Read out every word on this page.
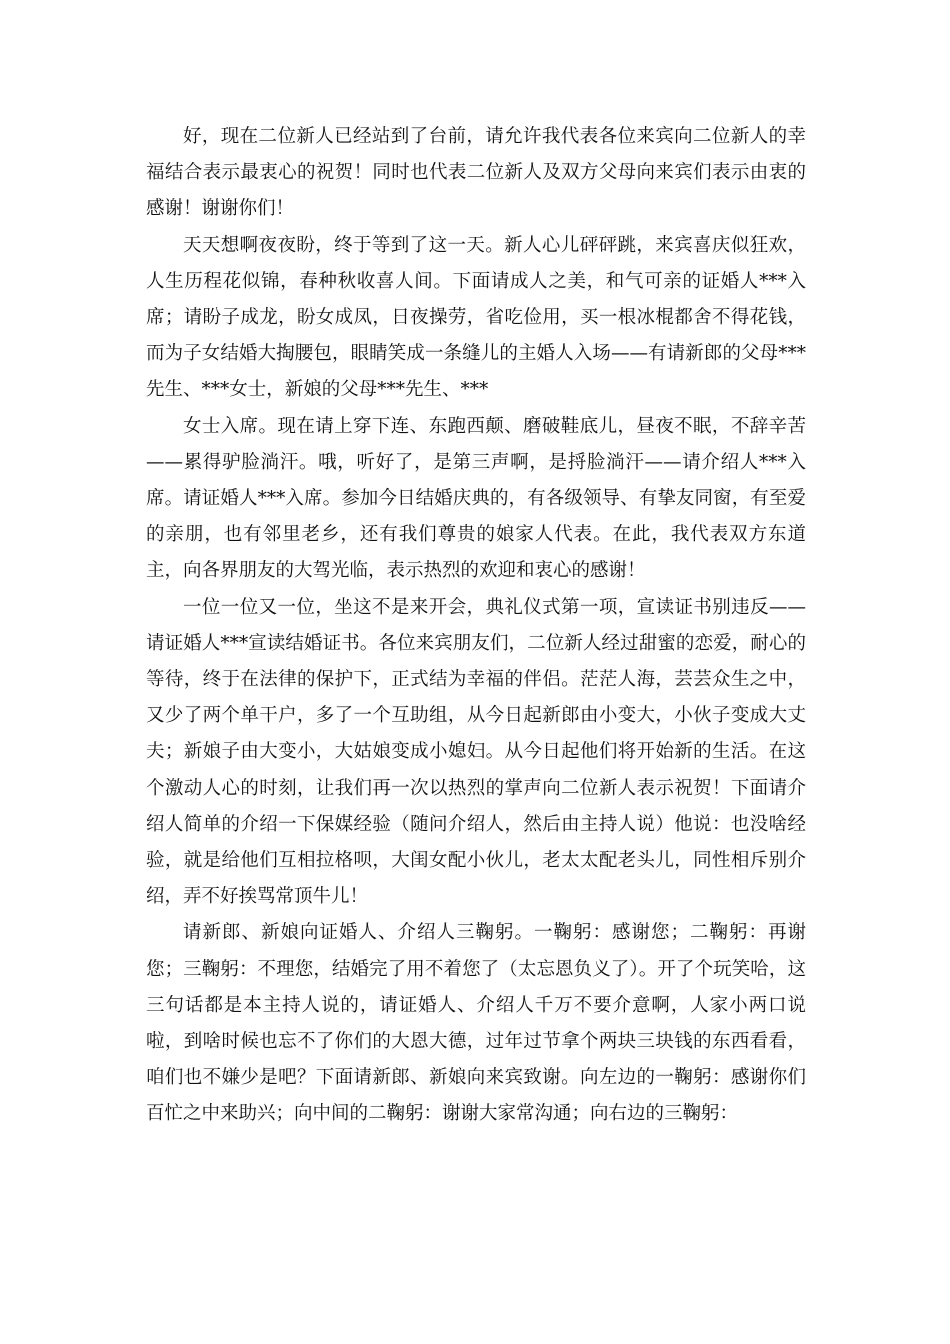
好，现在二位新人已经站到了台前，请允许我代表各位来宾向二位新人的幸福结合表示最衷心的祝贺！同时也代表二位新人及双方父母向来宾们表示由衷的感谢！谢谢你们！

天天想啊夜夜盼，终于等到了这一天。新人心儿砰砰跳，来宾喜庆似狂欢，人生历程花似锦，春种秋收喜人间。下面请成人之美，和气可亲的证婚人***入席；请盼子成龙，盼女成凤，日夜操劳，省吃俭用，买一根冰棍都舍不得花钱，而为子女结婚大掏腰包，眼睛笑成一条缝儿的主婚人入场——有请新郎的父母***先生、***女士，新娘的父母***先生、***

女士入席。现在请上穿下连、东跑西颠、磨破鞋底儿，昼夜不眠，不辞辛苦——累得驴脸淌汗。哦，听好了，是第三声啊，是捋脸淌汗——请介绍人***入席。请证婚人***入席。参加今日结婚庆典的，有各级领导、有挚友同窗，有至爱的亲朋，也有邻里老乡，还有我们尊贵的娘家人代表。在此，我代表双方东道主，向各界朋友的大驾光临，表示热烈的欢迎和衷心的感谢！

一位一位又一位，坐这不是来开会，典礼仪式第一项，宣读证书别违反——请证婚人***宣读结婚证书。各位来宾朋友们，二位新人经过甜蜜的恋爱，耐心的等待，终于在法律的保护下，正式结为幸福的伴侣。茫茫人海，芸芸众生之中，又少了两个单干户，多了一个互助组，从今日起新郎由小变大，小伙子变成大丈夫；新娘子由大变小，大姑娘变成小媳妇。从今日起他们将开始新的生活。在这个激动人心的时刻，让我们再一次以热烈的掌声向二位新人表示祝贺！下面请介绍人简单的介绍一下保媒经验（随问介绍人，然后由主持人说）他说：也没啥经验，就是给他们互相拉格呗，大闺女配小伙儿，老太太配老头儿，同性相斥别介绍，弄不好挨骂常顶牛儿！

请新郎、新娘向证婚人、介绍人三鞠躬。一鞠躬：感谢您；二鞠躬：再谢您；三鞠躬：不理您，结婚完了用不着您了（太忘恩负义了）。开了个玩笑哈，这三句话都是本主持人说的，请证婚人、介绍人千万不要介意啊，人家小两口说啦，到啥时候也忘不了你们的大恩大德，过年过节拿个两块三块钱的东西看看，咱们也不嫌少是吧？下面请新郎、新娘向来宾致谢。向左边的一鞠躬：感谢你们百忙之中来助兴；向中间的二鞠躬：谢谢大家常沟通；向右边的三鞠躬：
